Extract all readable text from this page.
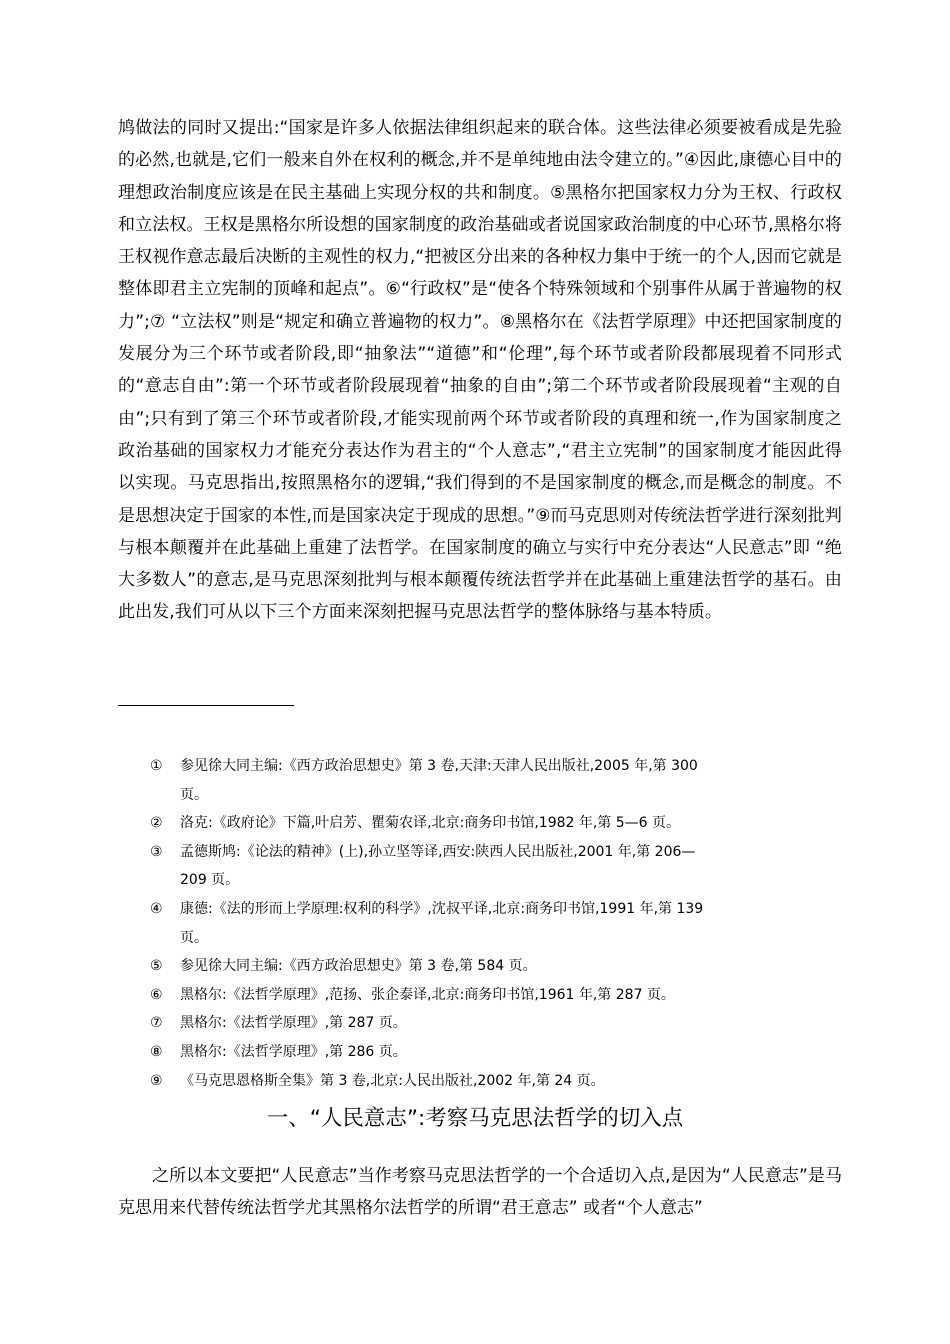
鸠做法的同时又提出:“国家是许多人依据法律组织起来的联合体。这些法律必须要被看成是先验的必然,也就是,它们一般来自外在权利的概念,并不是单纯地由法令建立的。”④因此,康德心目中的理想政治制度应该是在民主基础上实现分权的共和制度。⑤黑格尔把国家权力分为王权、行政权和立法权。王权是黑格尔所设想的国家制度的政治基础或者说国家政治制度的中心环节,黑格尔将王权视作意志最后决断的主观性的权力,“把被区分出来的各种权力集中于统一的个人,因而它就是整体即君主立宪制的顶峰和起点”。⑥“行政权”是“使各个特殊领域和个别事件从属于普遍物的权力”;⑦ “立法权”则是“规定和确立普遍物的权力”。⑧黑格尔在《法哲学原理》中还把国家制度的发展分为三个环节或者阶段,即“抽象法”“道德”和“伦理”,每个环节或者阶段都展现着不同形式的“意志自由”:第一个环节或者阶段展现着“抽象的自由”;第二个环节或者阶段展现着“主观的自由”;只有到了第三个环节或者阶段,才能实现前两个环节或者阶段的真理和统一,作为国家制度之政治基础的国家权力才能充分表达作为君主的“个人意志”,“君主立宪制”的国家制度才能因此得以实现。马克思指出,按照黑格尔的逻辑,“我们得到的不是国家制度的概念,而是概念的制度。不是思想决定于国家的本性,而是国家决定于现成的思想。”⑨而马克思则对传统法哲学进行深刻批判与根本颠覆并在此基础上重建了法哲学。在国家制度的确立与实行中充分表达“人民意志”即 “绝大多数人”的意志,是马克思深刻批判与根本颠覆传统法哲学并在此基础上重建法哲学的基石。由此出发,我们可从以下三个方面来深刻把握马克思法哲学的整体脉络与基本特质。

①	参见徐大同主编:《西方政治思想史》第 3 卷,天津:天津人民出版社,2005 年,第 300 页。
②	洛克:《政府论》下篇,叶启芳、瞿菊农译,北京:商务印书馆,1982 年,第 5—6 页。
③	孟德斯鸠:《论法的精神》(上),孙立坚等译,西安:陕西人民出版社,2001 年,第 206—209 页。
④	康德:《法的形而上学原理:权利的科学》,沈叔平译,北京:商务印书馆,1991 年,第 139 页。
⑤	参见徐大同主编:《西方政治思想史》第 3 卷,第 584 页。
⑥	黑格尔:《法哲学原理》,范扬、张企泰译,北京:商务印书馆,1961 年,第 287 页。
⑦	黑格尔:《法哲学原理》,第 287 页。
⑧	黑格尔:《法哲学原理》,第 286 页。
⑨	《马克思恩格斯全集》第 3 卷,北京:人民出版社,2002 年,第 24 页。
一、“人民意志”:考察马克思法哲学的切入点

之所以本文要把“人民意志”当作考察马克思法哲学的一个合适切入点,是因为“人民意志”是马克思用来代替传统法哲学尤其黑格尔法哲学的所谓“君王意志” 或者“个人意志”
